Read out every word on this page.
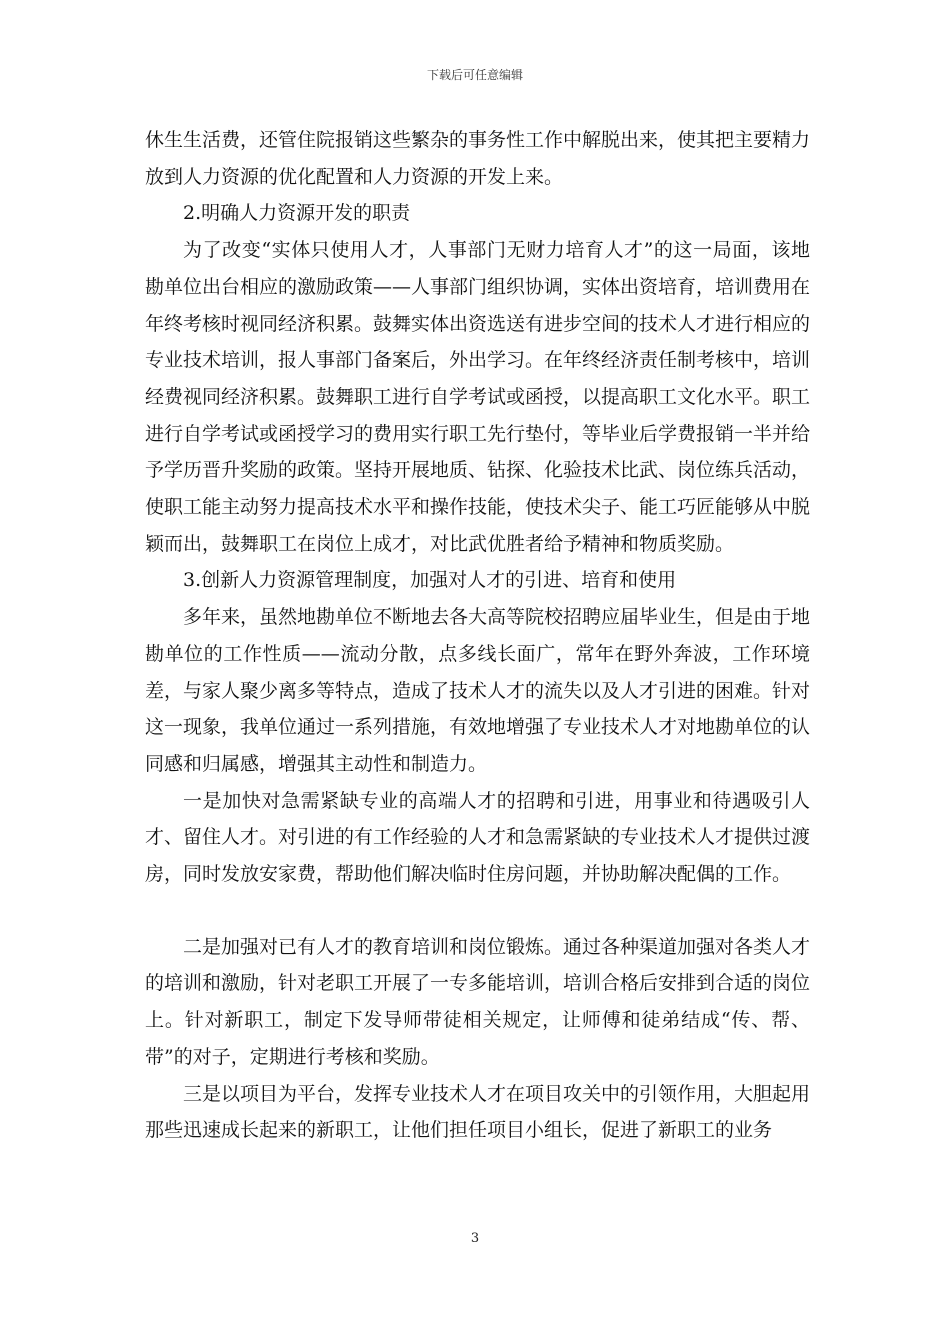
下载后可任意编辑

休生生活费，还管住院报销这些繁杂的事务性工作中解脱出来，使其把主要精力放到人力资源的优化配置和人力资源的开发上来。

2.明确人力资源开发的职责

为了改变“实体只使用人才，人事部门无财力培育人才”的这一局面，该地勘单位出台相应的激励政策——人事部门组织协调，实体出资培育，培训费用在年终考核时视同经济积累。鼓舞实体出资选送有进步空间的技术人才进行相应的专业技术培训，报人事部门备案后，外出学习。在年终经济责任制考核中，培训经费视同经济积累。鼓舞职工进行自学考试或函授，以提高职工文化水平。职工进行自学考试或函授学习的费用实行职工先行垫付，等毕业后学费报销一半并给予学历晋升奖励的政策。坚持开展地质、钻探、化验技术比武、岗位练兵活动，使职工能主动努力提高技术水平和操作技能，使技术尖子、能工巧匠能够从中脱颖而出，鼓舞职工在岗位上成才，对比武优胜者给予精神和物质奖励。

3.创新人力资源管理制度，加强对人才的引进、培育和使用

多年来，虽然地勘单位不断地去各大高等院校招聘应届毕业生，但是由于地勘单位的工作性质——流动分散，点多线长面广，常年在野外奔波，工作环境差，与家人聚少离多等特点，造成了技术人才的流失以及人才引进的困难。针对这一现象，我单位通过一系列措施，有效地增强了专业技术人才对地勘单位的认同感和归属感，增强其主动性和制造力。

一是加快对急需紧缺专业的高端人才的招聘和引进，用事业和待遇吸引人才、留住人才。对引进的有工作经验的人才和急需紧缺的专业技术人才提供过渡房，同时发放安家费，帮助他们解决临时住房问题，并协助解决配偶的工作。

二是加强对已有人才的教育培训和岗位锻炼。通过各种渠道加强对各类人才的培训和激励，针对老职工开展了一专多能培训，培训合格后安排到合适的岗位上。针对新职工，制定下发导师带徒相关规定，让师傅和徒弟结成“传、帮、带”的对子，定期进行考核和奖励。

三是以项目为平台，发挥专业技术人才在项目攻关中的引领作用，大胆起用那些迅速成长起来的新职工，让他们担任项目小组长，促进了新职工的业务

3
